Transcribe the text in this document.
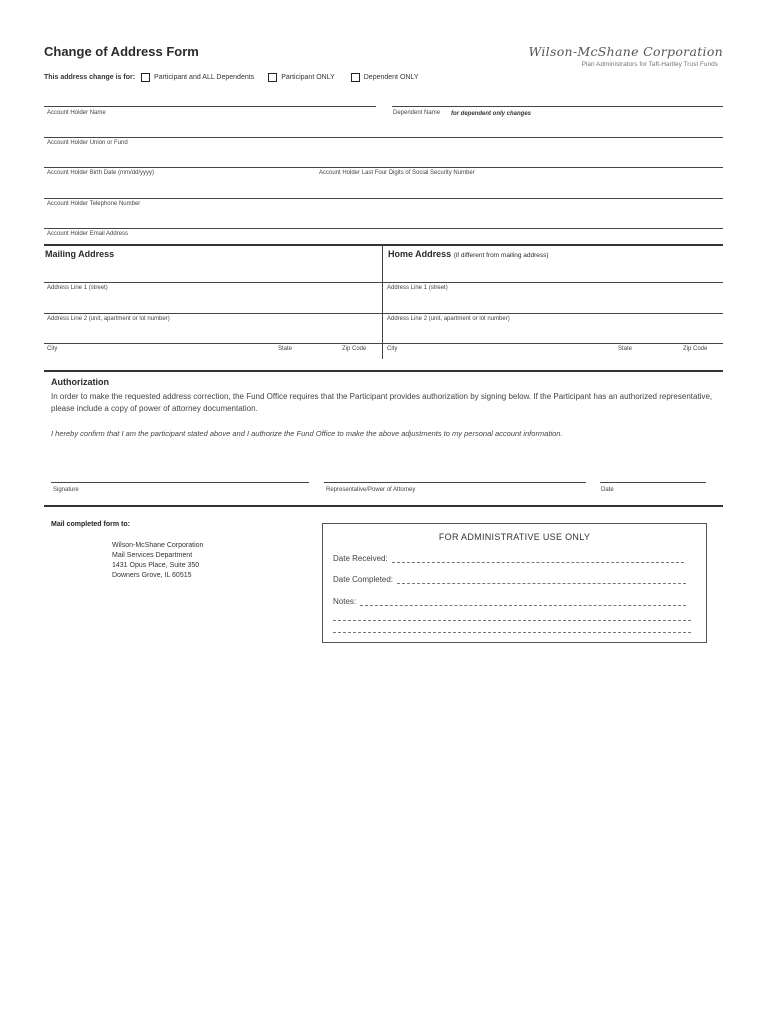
Change of Address Form	Wilson-McShane Corporation
Plan Administrators for Taft-Hartley Trust Funds
This address change is for:	Participant and ALL Dependents	Participant ONLY	Dependent ONLY
Account Holder Name	Dependent Name for dependent only changes
Account Holder Union or Fund
Account Holder Birth Date (mm/dd/yyyy)	Account Holder Last Four Digits of Social Security Number
Account Holder Telephone Number
Account Holder Email Address
Mailing Address	Home Address (if different from mailing address)
Address Line 1 (street)	Address Line 1 (street)
Address Line 2 (unit, apartment or lot number)	Address Line 2 (unit, apartment or lot number)
City	State	Zip Code	City	State	Zip Code
Authorization
In order to make the requested address correction, the Fund Office requires that the Participant provides authorization by signing below. If the Participant has an authorized representative, please include a copy of power of attorney documentation.
I hereby confirm that I am the participant stated above and I authorize the Fund Office to make the above adjustments to my personal account information.
Signature	Representative/Power of Attorney	Date
Mail completed form to:
Wilson-McShane Corporation
Mail Services Department
1431 Opus Place, Suite 350
Downers Grove, IL 60515
FOR ADMINISTRATIVE USE ONLY
Date Received:
Date Completed:
Notes:
